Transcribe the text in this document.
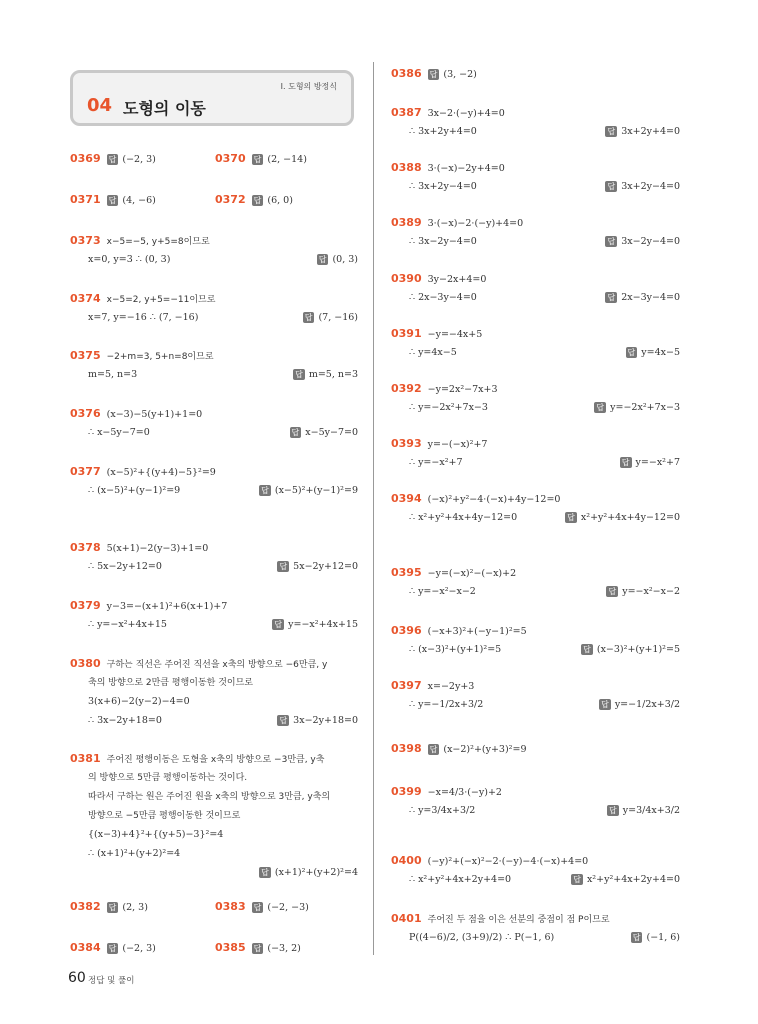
I. 도형의 방정식
04 도형의 이동
0369 답 (−2, 3)	0370 답 (2, −14)
0371 답 (4, −6)	0372 답 (6, 0)
0373 x−5=−5, y+5=8이므로
x=0, y=3 ∴ (0, 3)	답 (0, 3)
0374 x−5=2, y+5=−11이므로
x=7, y=−16 ∴ (7, −16)	답 (7, −16)
0375 −2+m=3, 5+n=8이므로
m=5, n=3	답 m=5, n=3
0376 (x−3)−5(y+1)+1=0
∴ x−5y−7=0	답 x−5y−7=0
0377 (x−5)²+{(y+4)−5}²=9
∴ (x−5)²+(y−1)²=9	답 (x−5)²+(y−1)²=9
0378 5(x+1)−2(y−3)+1=0
∴ 5x−2y+12=0	답 5x−2y+12=0
0379 y−3=−(x+1)²+6(x+1)+7
∴ y=−x²+4x+15	답 y=−x²+4x+15
0380 구하는 직선은 주어진 직선을 x축의 방향으로 −6만큼, y
축의 방향으로 2만큼 평행이동한 것이므로
3(x+6)−2(y−2)−4=0
∴ 3x−2y+18=0	답 3x−2y+18=0
0381 주어진 평행이동은 도형을 x축의 방향으로 −3만큼, y축
의 방향으로 5만큼 평행이동하는 것이다.
따라서 구하는 원은 주어진 원을 x축의 방향으로 3만큼, y축의
방향으로 −5만큼 평행이동한 것이므로
{(x−3)+4}²+{(y+5)−3}²=4
∴ (x+1)²+(y+2)²=4
답 (x+1)²+(y+2)²=4
0382 답 (2, 3)	0383 답 (−2, −3)
0384 답 (−2, 3)	0385 답 (−3, 2)
0386 답 (3, −2)
0387 3x−2·(−y)+4=0
∴ 3x+2y+4=0	답 3x+2y+4=0
0388 3·(−x)−2y+4=0
∴ 3x+2y−4=0	답 3x+2y−4=0
0389 3·(−x)−2·(−y)+4=0
∴ 3x−2y−4=0	답 3x−2y−4=0
0390 3y−2x+4=0
∴ 2x−3y−4=0	답 2x−3y−4=0
0391 −y=−4x+5
∴ y=4x−5	답 y=4x−5
0392 −y=2x²−7x+3
∴ y=−2x²+7x−3	답 y=−2x²+7x−3
0393 y=−(−x)²+7
∴ y=−x²+7	답 y=−x²+7
0394 (−x)²+y²−4·(−x)+4y−12=0
∴ x²+y²+4x+4y−12=0	답 x²+y²+4x+4y−12=0
0395 −y=(−x)²−(−x)+2
∴ y=−x²−x−2	답 y=−x²−x−2
0396 (−x+3)²+(−y−1)²=5
∴ (x−3)²+(y+1)²=5	답 (x−3)²+(y+1)²=5
0397 x=−2y+3
∴ y=−1/2x+3/2	답 y=−1/2x+3/2
0398 답 (x−2)²+(y+3)²=9
0399 −x=4/3·(−y)+2
∴ y=3/4x+3/2	답 y=3/4x+3/2
0400 (−y)²+(−x)²−2·(−y)−4·(−x)+4=0
∴ x²+y²+4x+2y+4=0	답 x²+y²+4x+2y+4=0
0401 주어진 두 점을 이은 선분의 중점이 점 P이므로
P((4−6)/2, (3+9)/2) ∴ P(−1, 6)	답 (−1, 6)
60 정답 및 풀이
